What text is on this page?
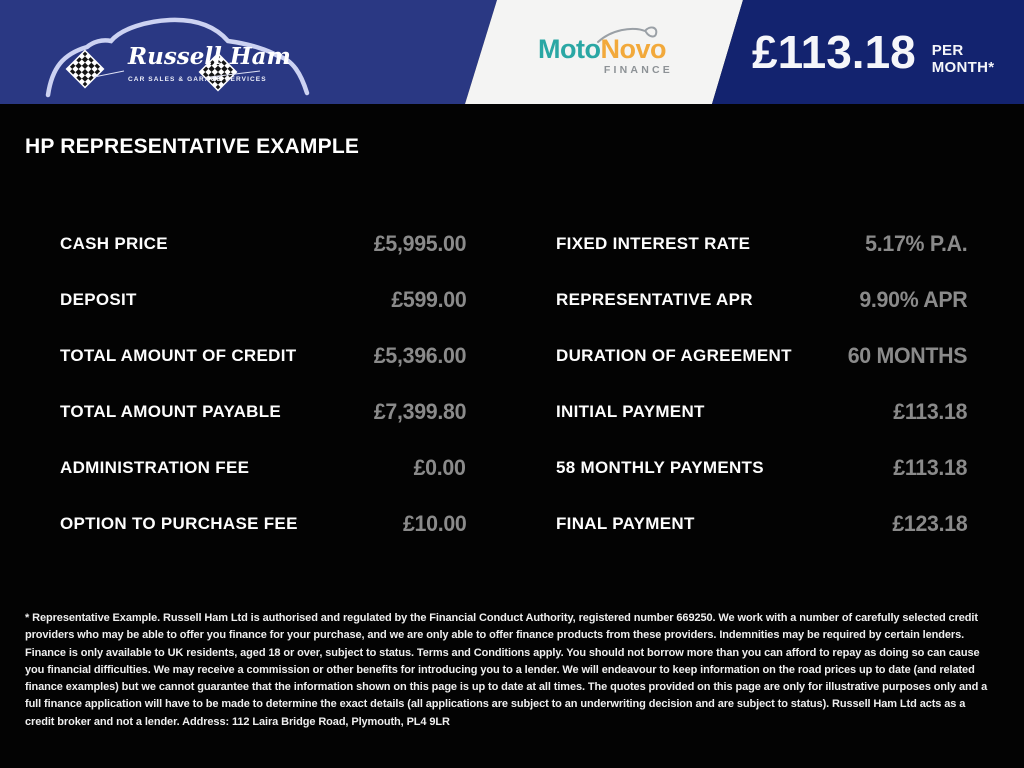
Russell Ham
CAR SALES & GARAGE SERVICES
MotoNovo
FINANCE £113.18 PER MONTH*
HP REPRESENTATIVE EXAMPLE
CASH PRICE	£5,995.00
DEPOSIT	£599.00
TOTAL AMOUNT OF CREDIT	£5,396.00
TOTAL AMOUNT PAYABLE	£7,399.80
ADMINISTRATION FEE	£0.00
OPTION TO PURCHASE FEE	£10.00
FIXED INTEREST RATE	5.17% P.A.
REPRESENTATIVE APR	9.90% APR
DURATION OF AGREEMENT	60 MONTHS
INITIAL PAYMENT	£113.18
58 MONTHLY PAYMENTS	£113.18
FINAL PAYMENT	£123.18

* Representative Example. Russell Ham Ltd is authorised and regulated by the Financial Conduct Authority, registered number 669250. We work with a number of carefully selected credit providers who may be able to offer you finance for your purchase, and we are only able to offer finance products from these providers. Indemnities may be required by certain lenders. Finance is only available to UK residents, aged 18 or over, subject to status. Terms and Conditions apply. You should not borrow more than you can afford to repay as doing so can cause you financial difficulties. We may receive a commission or other benefits for introducing you to a lender. We will endeavour to keep information on the road prices up to date (and related finance examples) but we cannot guarantee that the information shown on this page is up to date at all times. The quotes provided on this page are only for illustrative purposes only and a full finance application will have to be made to determine the exact details (all applications are subject to an underwriting decision and are subject to status). Russell Ham Ltd acts as a credit broker and not a lender. Address: 112 Laira Bridge Road, Plymouth, PL4 9LR
